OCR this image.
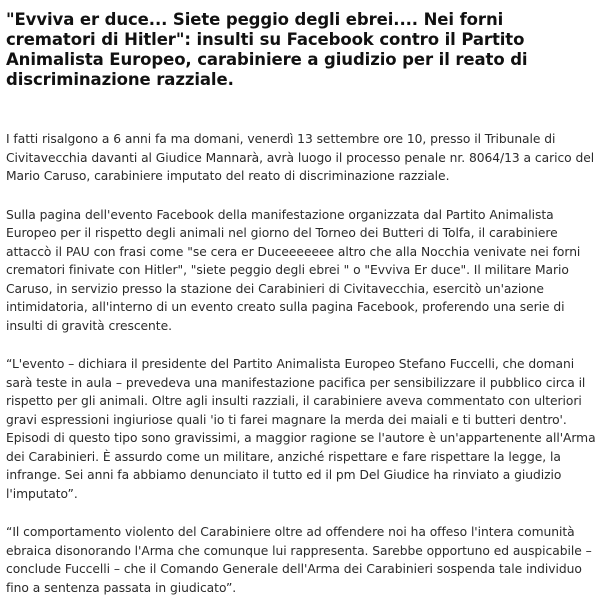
"Evviva er duce... Siete peggio degli ebrei.... Nei forni crematori di Hitler": insulti su Facebook contro il Partito Animalista Europeo, carabiniere a giudizio per il reato di discriminazione razziale.

I fatti risalgono a 6 anni fa ma domani, venerdì 13 settembre ore 10, presso il Tribunale di Civitavecchia davanti al Giudice Mannarà, avrà luogo il processo penale nr. 8064/13 a carico del Mario Caruso, carabiniere imputato del reato di discriminazione razziale.

Sulla pagina dell'evento Facebook della manifestazione organizzata dal Partito Animalista Europeo per il rispetto degli animali nel giorno del Torneo dei Butteri di Tolfa, il carabiniere attaccò il PAU con frasi come "se cera er Duceeeeeee altro che alla Nocchia venivate nei forni crematori finivate con Hitler", "siete peggio degli ebrei " o "Evviva Er duce". Il militare Mario Caruso, in servizio presso la stazione dei Carabinieri di Civitavecchia, esercitò un'azione intimidatoria, all'interno di un evento creato sulla pagina Facebook, proferendo una serie di insulti di gravità crescente.

“L'evento – dichiara il presidente del Partito Animalista Europeo Stefano Fuccelli, che domani sarà teste in aula – prevedeva una manifestazione pacifica per sensibilizzare il pubblico circa il rispetto per gli animali. Oltre agli insulti razziali, il carabiniere aveva commentato con ulteriori gravi espressioni ingiuriose quali 'io ti farei magnare la merda dei maiali e ti butteri dentro'. Episodi di questo tipo sono gravissimi, a maggior ragione se l'autore è un'appartenente all'Arma dei Carabinieri. È assurdo come un militare, anziché rispettare e fare rispettare la legge, la infrange. Sei anni fa abbiamo denunciato il tutto ed il pm Del Giudice ha rinviato a giudizio l'imputato”.

“Il comportamento violento del Carabiniere oltre ad offendere noi ha offeso l'intera comunità ebraica disonorando l'Arma che comunque lui rappresenta. Sarebbe opportuno ed auspicabile – conclude Fuccelli – che il Comando Generale dell'Arma dei Carabinieri sospenda tale individuo fino a sentenza passata in giudicato”.
